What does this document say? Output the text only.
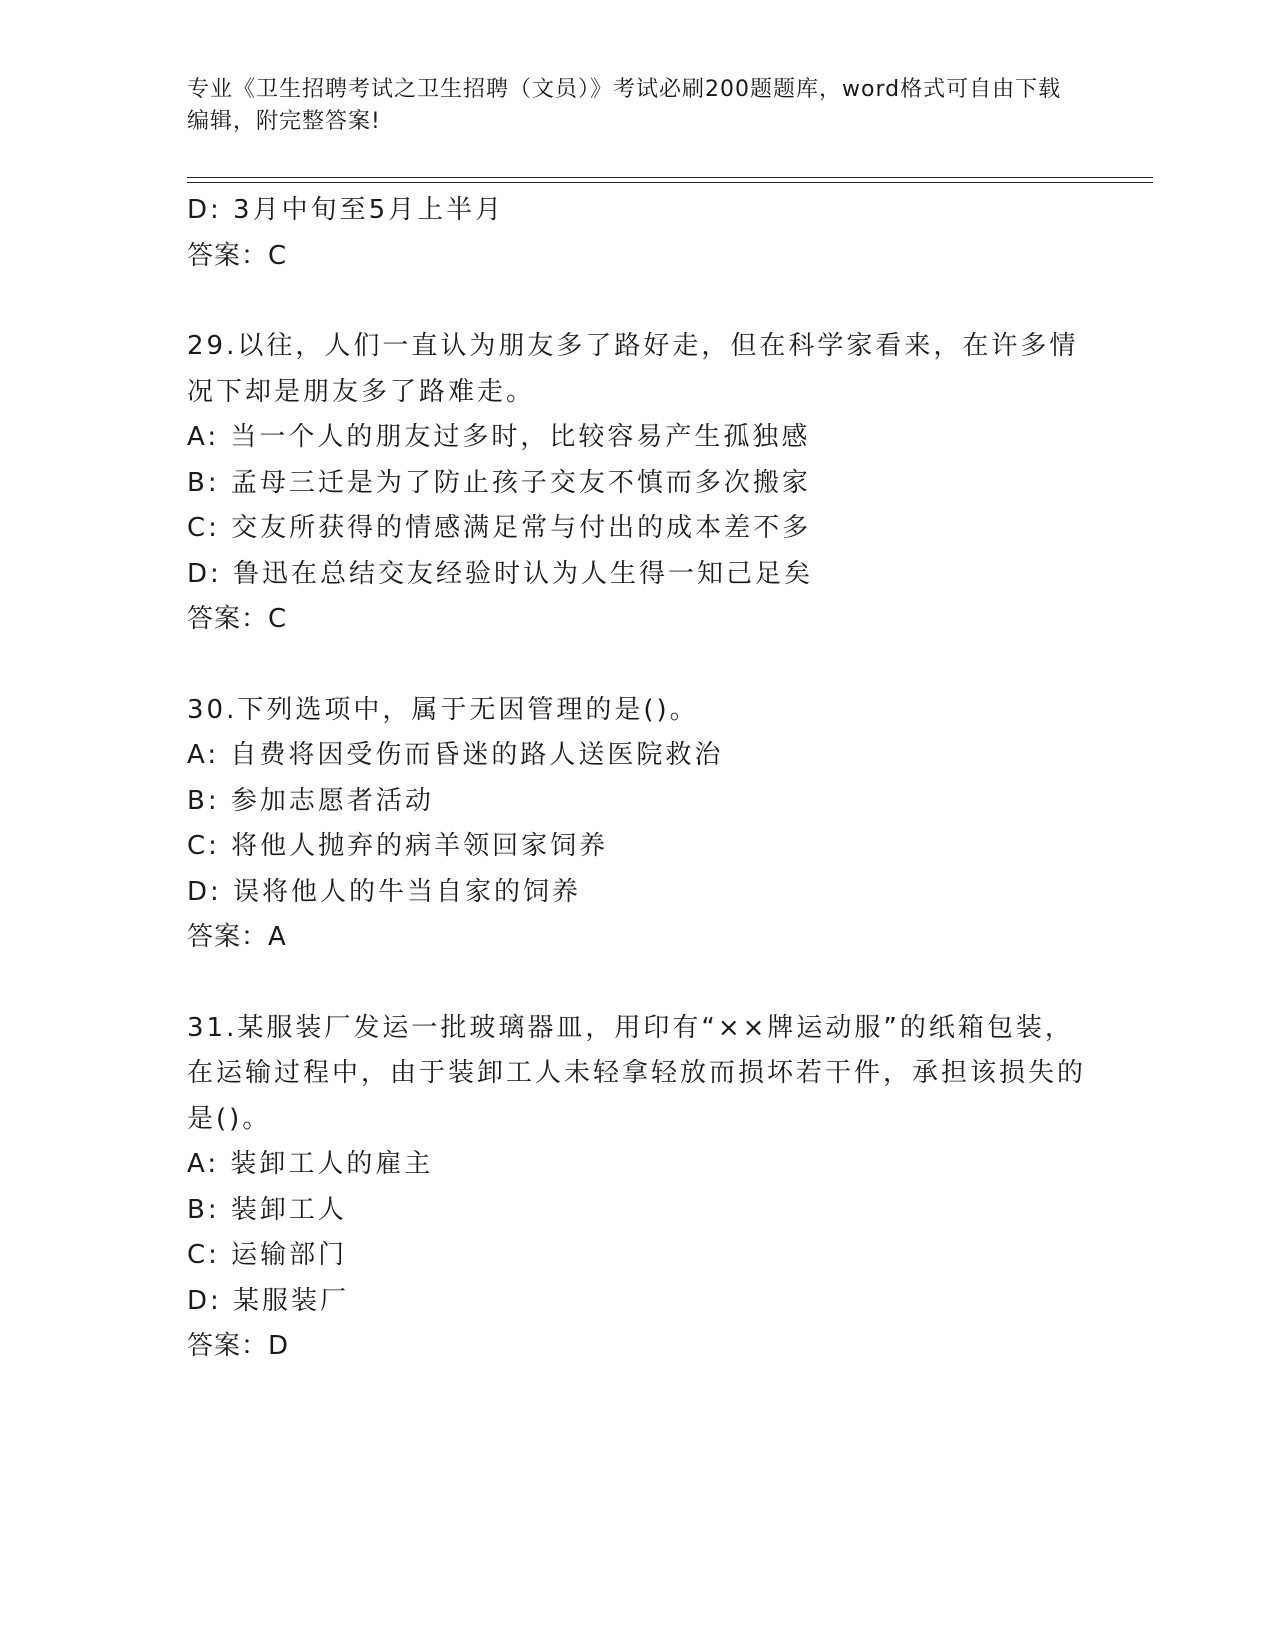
专业《卫生招聘考试之卫生招聘（文员）》考试必刷200题题库，word格式可自由下载编辑，附完整答案!
D: 3月中旬至5月上半月
答案：C
29.以往，人们一直认为朋友多了路好走，但在科学家看来，在许多情况下却是朋友多了路难走。
A: 当一个人的朋友过多时，比较容易产生孤独感
B: 孟母三迁是为了防止孩子交友不慎而多次搬家
C: 交友所获得的情感满足常与付出的成本差不多
D: 鲁迅在总结交友经验时认为人生得一知己足矣
答案：C
30.下列选项中，属于无因管理的是()。
A: 自费将因受伤而昏迷的路人送医院救治
B: 参加志愿者活动
C: 将他人抛弃的病羊领回家饲养
D: 误将他人的牛当自家的饲养
答案：A
31.某服装厂发运一批玻璃器皿，用印有“××牌运动服”的纸箱包装，在运输过程中，由于装卸工人未轻拿轻放而损坏若干件，承担该损失的是()。
A: 装卸工人的雇主
B: 装卸工人
C: 运输部门
D: 某服装厂
答案：D
